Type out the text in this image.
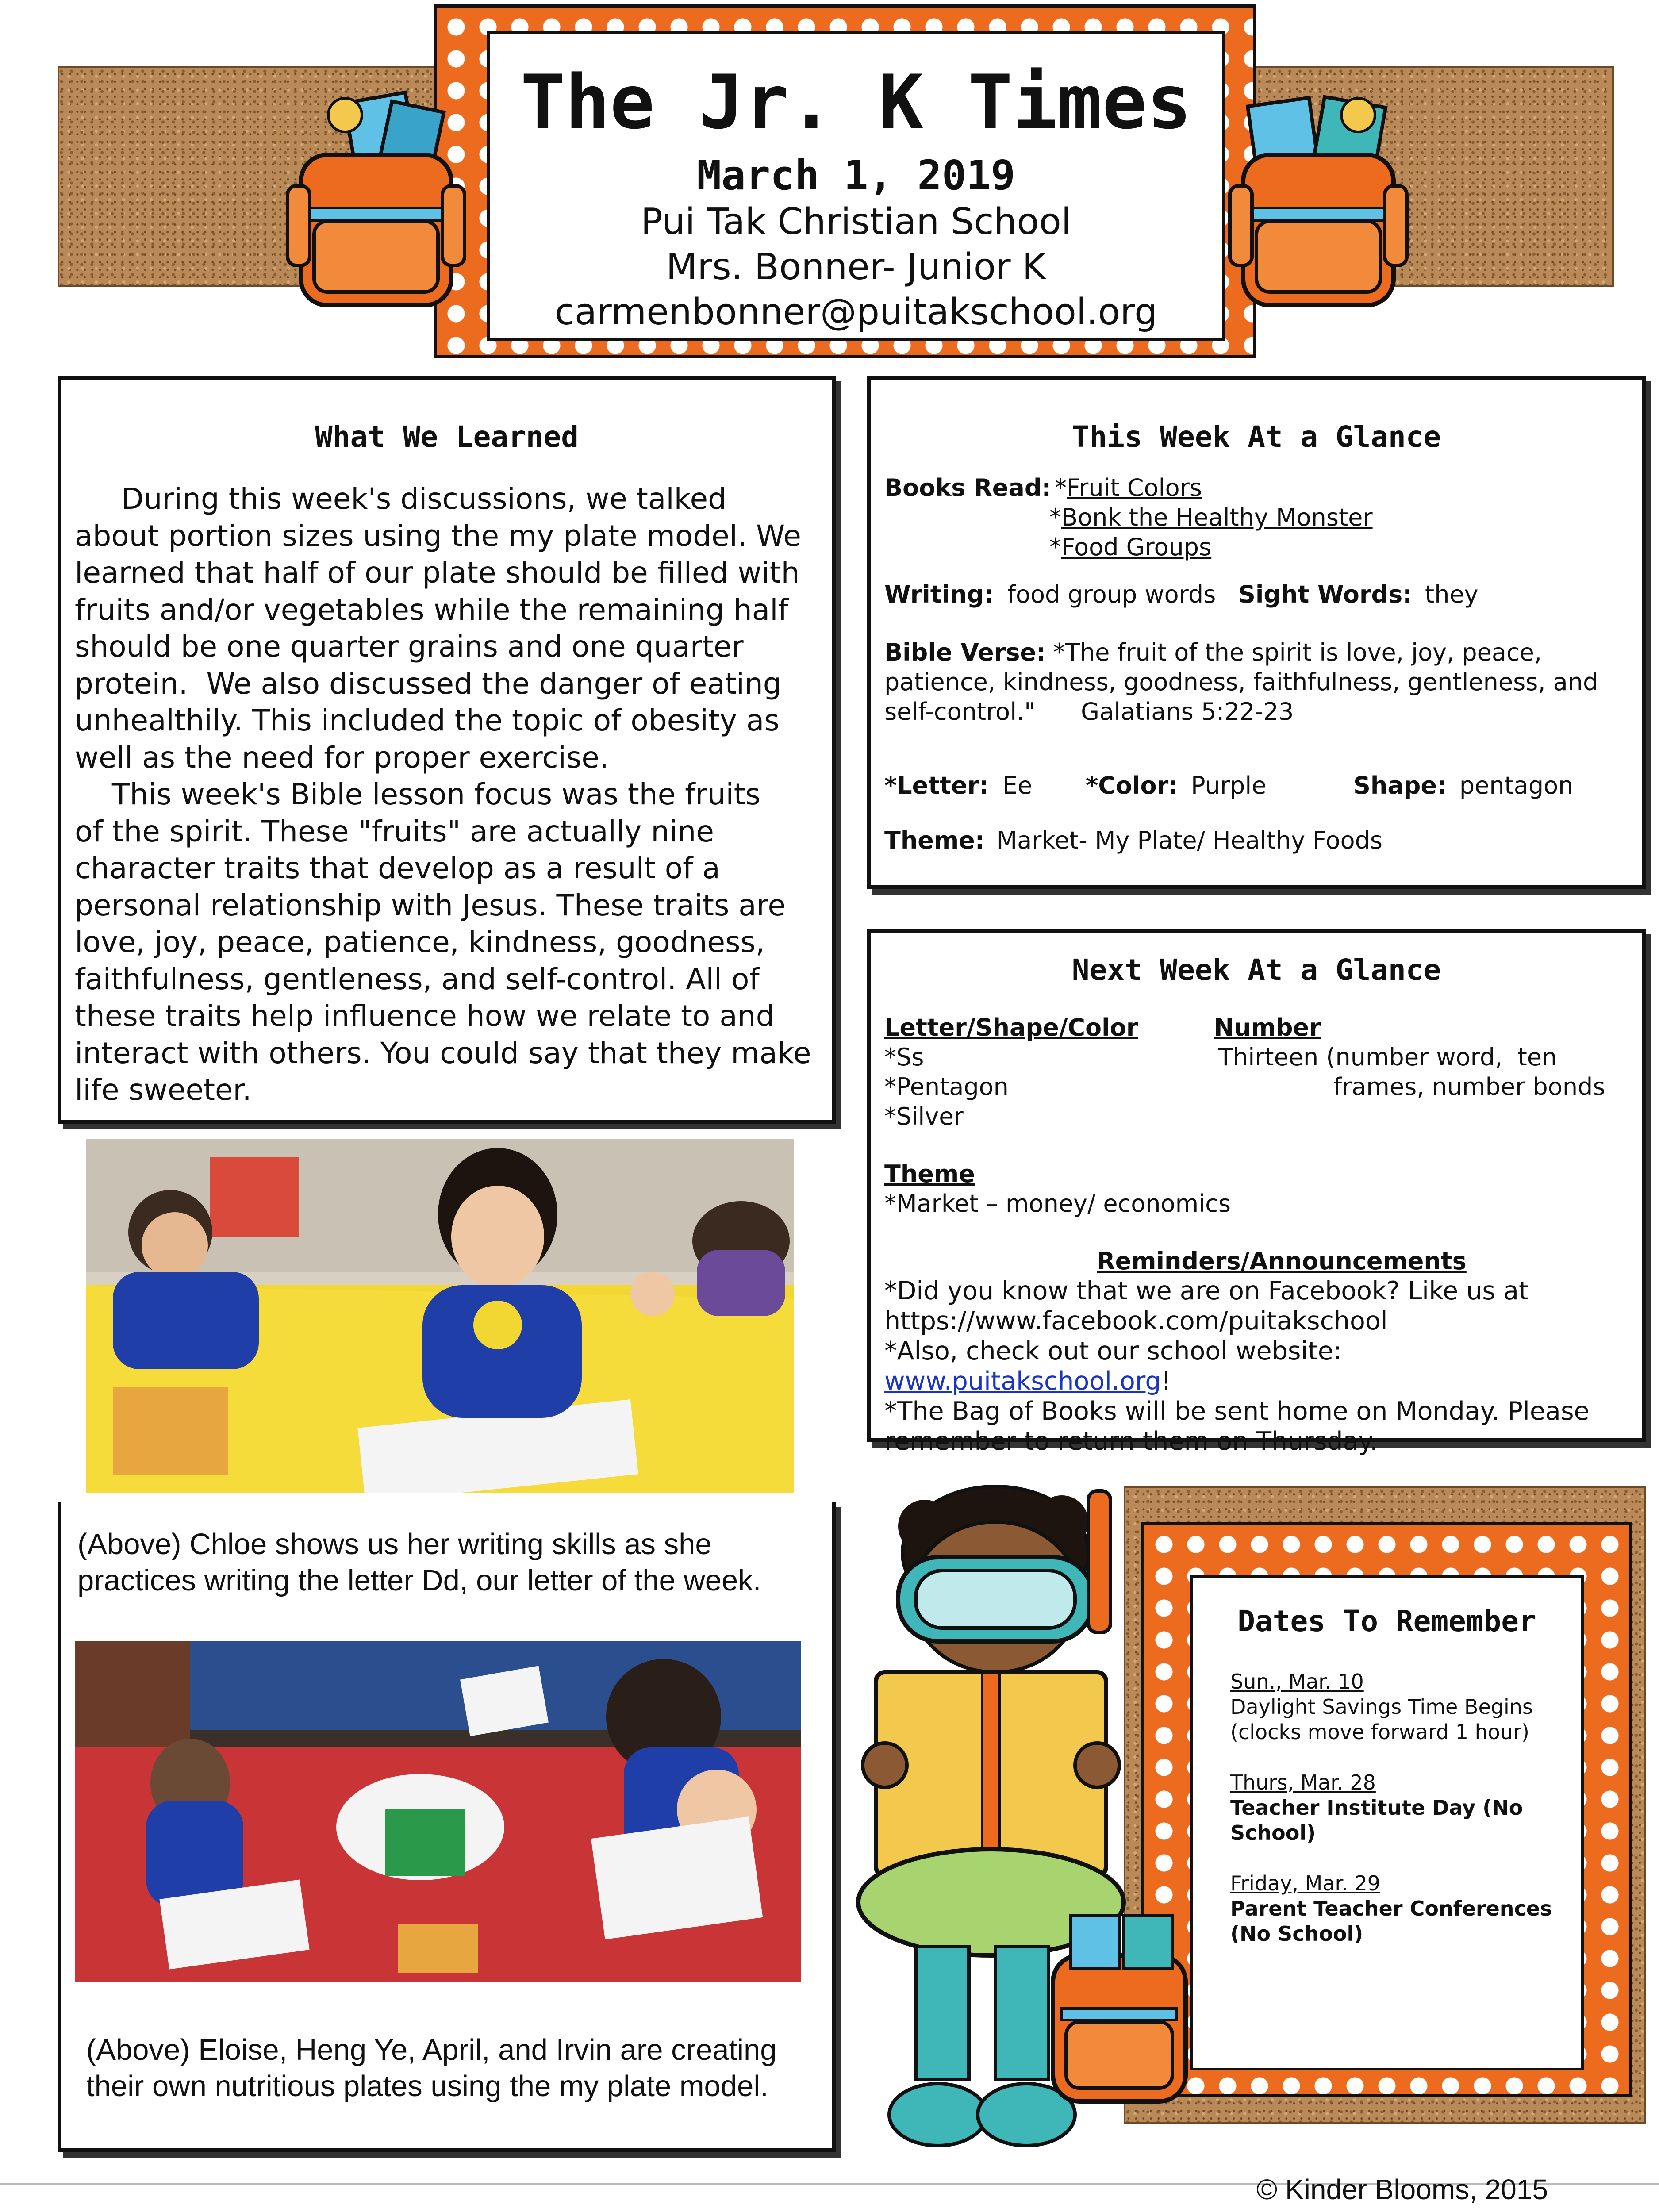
The Jr. K Times
March 1, 2019
Pui Tak Christian School
Mrs. Bonner- Junior K
carmenbonner@puitakschool.org
What We Learned
During this week's discussions, we talked
about portion sizes using the my plate model. We
learned that half of our plate should be filled with
fruits and/or vegetables while the remaining half
should be one quarter grains and one quarter
protein.  We also discussed the danger of eating
unhealthily. This included the topic of obesity as
well as the need for proper exercise.
This week's Bible lesson focus was the fruits
of the spirit. These "fruits" are actually nine
character traits that develop as a result of a
personal relationship with Jesus. These traits are
love, joy, peace, patience, kindness, goodness,
faithfulness, gentleness, and self-control. All of
these traits help influence how we relate to and
interact with others. You could say that they make
life sweeter.
(Above) Chloe shows us her writing skills as she
practices writing the letter Dd, our letter of the week.
(Above) Eloise, Heng Ye, April, and Irvin are creating
their own nutritious plates using the my plate model.
This Week At a Glance
Books Read: *Fruit Colors
*Bonk the Healthy Monster
*Food Groups
Writing: food group words Sight Words: they
Bible Verse: *The fruit of the spirit is love, joy, peace,
patience, kindness, goodness, faithfulness, gentleness, and
self-control."      Galatians 5:22-23
*Letter: Ee *Color: Purple	Shape: pentagon
Theme: Market- My Plate/ Healthy Foods
Next Week At a Glance
Letter/Shape/Color
*Ss
*Pentagon
*Silver
Number
Thirteen (number word,  ten
frames, number bonds
Theme
*Market – money/ economics
Reminders/Announcements
*Did you know that we are on Facebook? Like us at
https://www.facebook.com/puitakschool
*Also, check out our school website: www.puitakschool.org!
*The Bag of Books will be sent home on Monday. Please
remember to return them on Thursday.
Dates To Remember
Sun., Mar. 10
Daylight Savings Time Begins
(clocks move forward 1 hour)
Thurs, Mar. 28
Teacher Institute Day (No
School)
Friday, Mar. 29
Parent Teacher Conferences
(No School)
© Kinder Blooms, 2015
